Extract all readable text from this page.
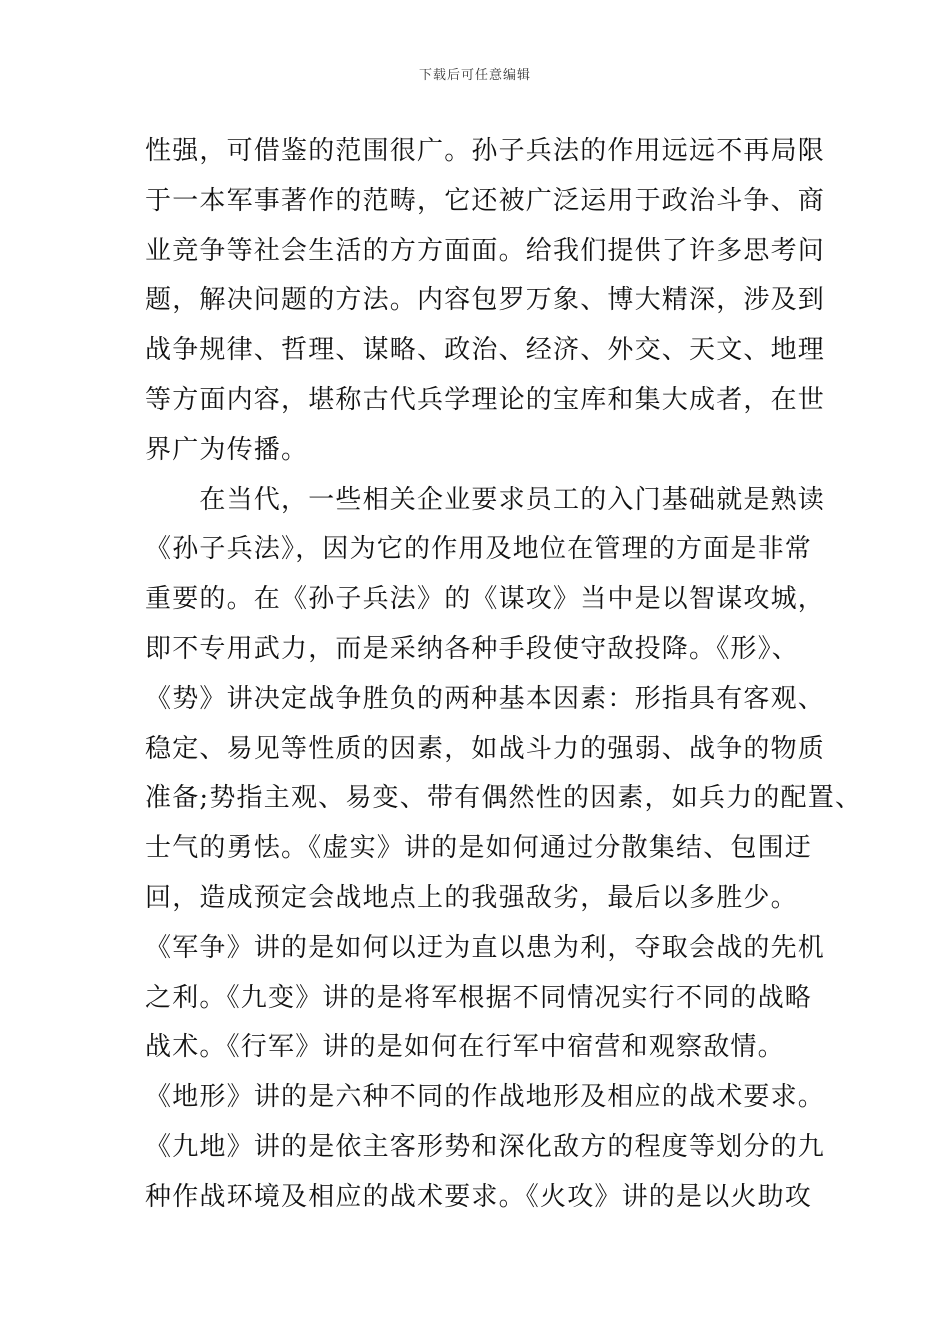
下载后可任意编辑
性强，可借鉴的范围很广。孙子兵法的作用远远不再局限
于一本军事著作的范畴，它还被广泛运用于政治斗争、商
业竞争等社会生活的方方面面。给我们提供了许多思考问
题，解决问题的方法。内容包罗万象、博大精深，涉及到
战争规律、哲理、谋略、政治、经济、外交、天文、地理
等方面内容，堪称古代兵学理论的宝库和集大成者，在世
界广为传播。
　　在当代，一些相关企业要求员工的入门基础就是熟读
《孙子兵法》，因为它的作用及地位在管理的方面是非常
重要的。在《孙子兵法》的《谋攻》当中是以智谋攻城，
即不专用武力，而是采纳各种手段使守敌投降。《形》、
《势》讲决定战争胜负的两种基本因素：形指具有客观、
稳定、易见等性质的因素，如战斗力的强弱、战争的物质
准备;势指主观、易变、带有偶然性的因素，如兵力的配置、
士气的勇怯。《虚实》讲的是如何通过分散集结、包围迂
回，造成预定会战地点上的我强敌劣，最后以多胜少。
《军争》讲的是如何以迂为直以患为利，夺取会战的先机
之利。《九变》讲的是将军根据不同情况实行不同的战略
战术。《行军》讲的是如何在行军中宿营和观察敌情。
《地形》讲的是六种不同的作战地形及相应的战术要求。
《九地》讲的是依主客形势和深化敌方的程度等划分的九
种作战环境及相应的战术要求。《火攻》讲的是以火助攻
